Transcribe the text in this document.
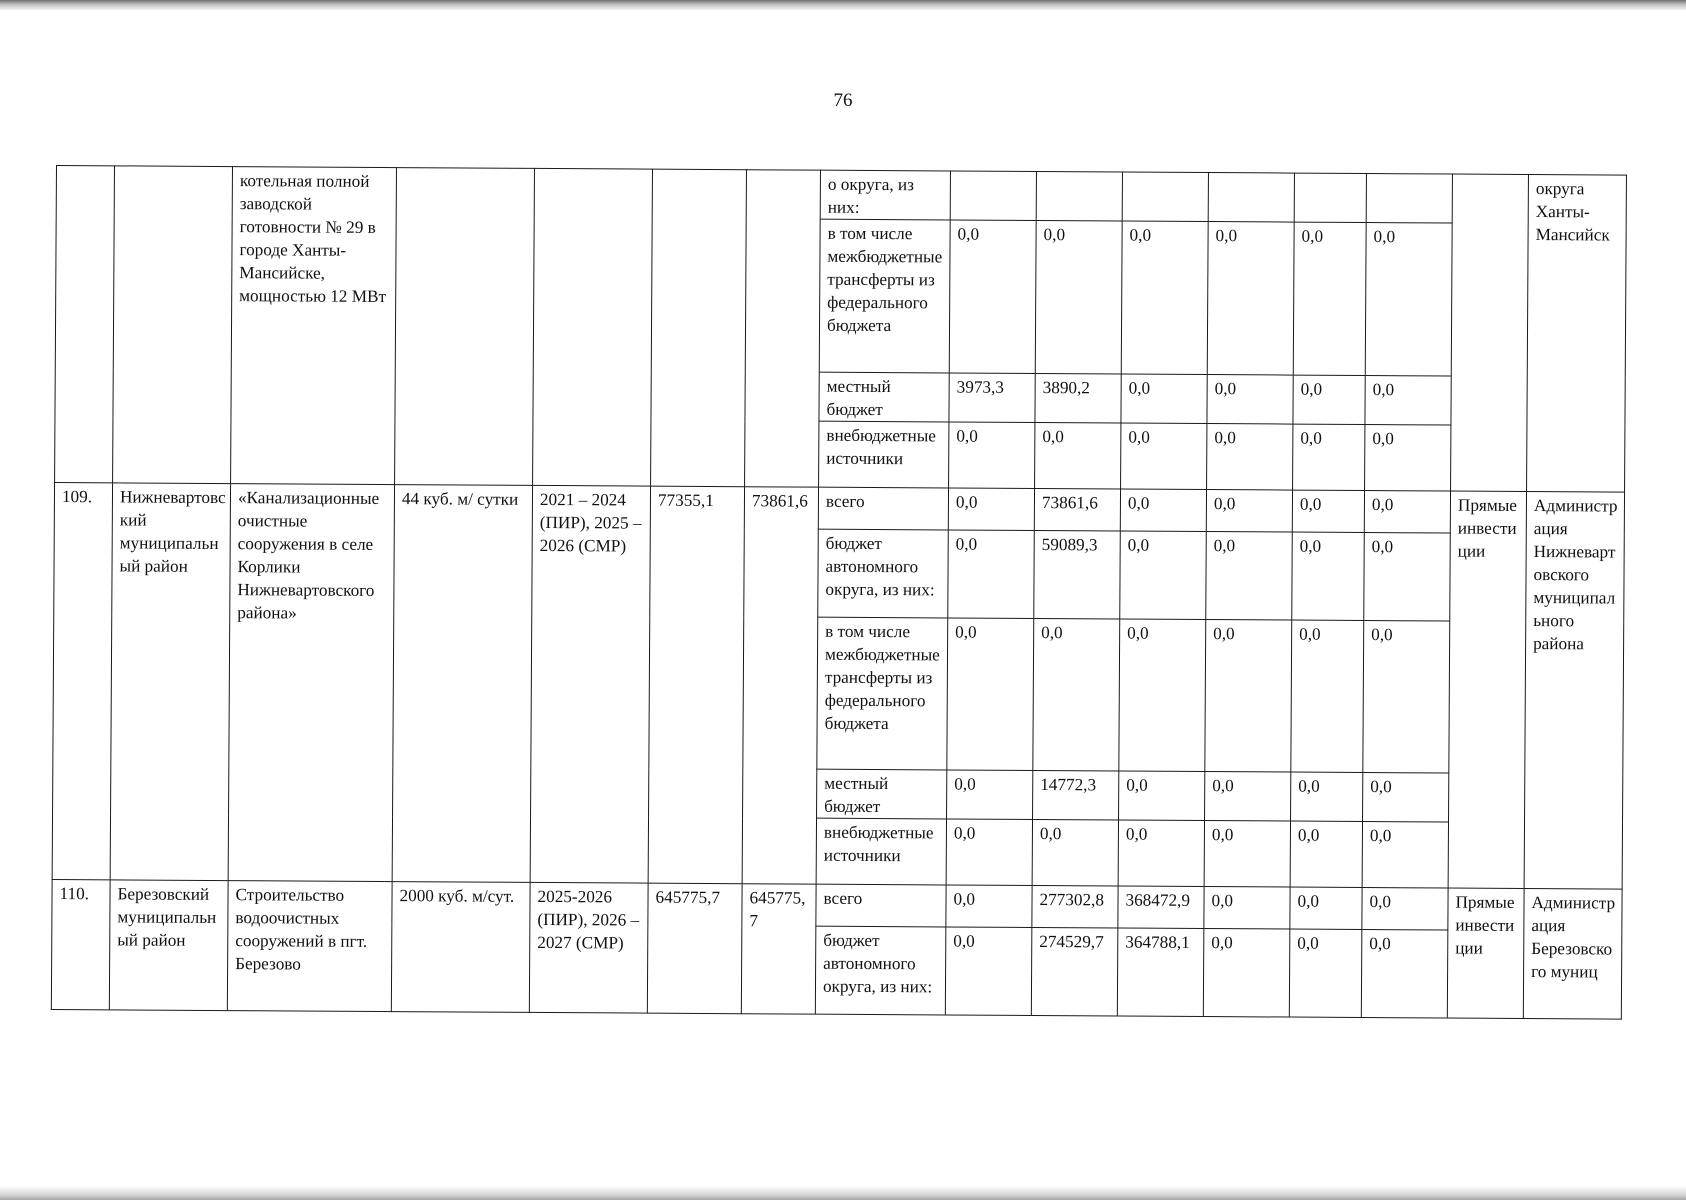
76
		котельная полной заводской готовности № 29 в городе Ханты-Мансийске, мощностью 12 МВт					о округа, из них:								округа Ханты-Мансийск
							в том числе межбюджетные трансферты из федерального бюджета	0,0	0,0	0,0	0,0	0,0	0,0		
							местный бюджет	3973,3	3890,2	0,0	0,0	0,0	0,0		
							внебюджетные источники	0,0	0,0	0,0	0,0	0,0	0,0		
109.	Нижневартовский муниципальный район	«Канализационные очистные сооружения в селе Корлики Нижневартовского района»	44 куб. м/ сутки	2021 – 2024 (ПИР), 2025 – 2026 (СМР)	77355,1	73861,6	всего	0,0	73861,6	0,0	0,0	0,0	0,0	Прямые инвестиции	Администрация Нижневартовского муниципального района
							бюджет автономного округа, из них:	0,0	59089,3	0,0	0,0	0,0	0,0		
							в том числе межбюджетные трансферты из федерального бюджета	0,0	0,0	0,0	0,0	0,0	0,0		
							местный бюджет	0,0	14772,3	0,0	0,0	0,0	0,0		
							внебюджетные источники	0,0	0,0	0,0	0,0	0,0	0,0		
110.	Березовский муниципальный район	Строительство водоочистных сооружений в пгт. Березово	2000 куб. м/сут.	2025-2026 (ПИР), 2026 – 2027 (СМР)	645775,7	645775,7	всего	0,0	277302,8	368472,9	0,0	0,0	0,0	Прямые инвестиции	Администрация Березовского муниц
							бюджет автономного округа, из них:	0,0	274529,7	364788,1	0,0	0,0	0,0		
